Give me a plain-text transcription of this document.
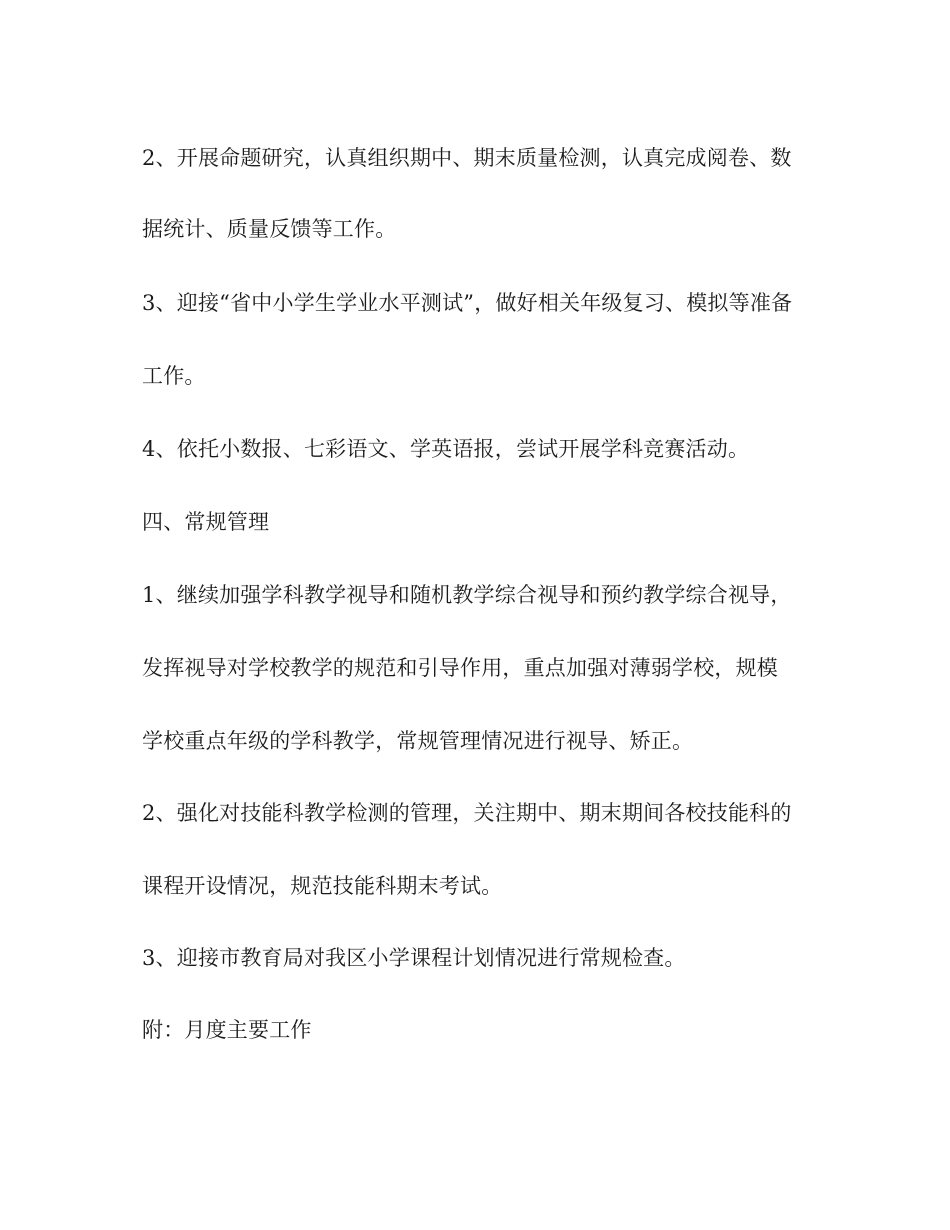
2、开展命题研究，认真组织期中、期末质量检测，认真完成阅卷、数
据统计、质量反馈等工作。
3、迎接“省中小学生学业水平测试”，做好相关年级复习、模拟等准备
工作。
4、依托小数报、七彩语文、学英语报，尝试开展学科竞赛活动。
四、常规管理
1、继续加强学科教学视导和随机教学综合视导和预约教学综合视导，
发挥视导对学校教学的规范和引导作用，重点加强对薄弱学校，规模
学校重点年级的学科教学，常规管理情况进行视导、矫正。
2、强化对技能科教学检测的管理，关注期中、期末期间各校技能科的
课程开设情况，规范技能科期末考试。
3、迎接市教育局对我区小学课程计划情况进行常规检查。
附：月度主要工作
